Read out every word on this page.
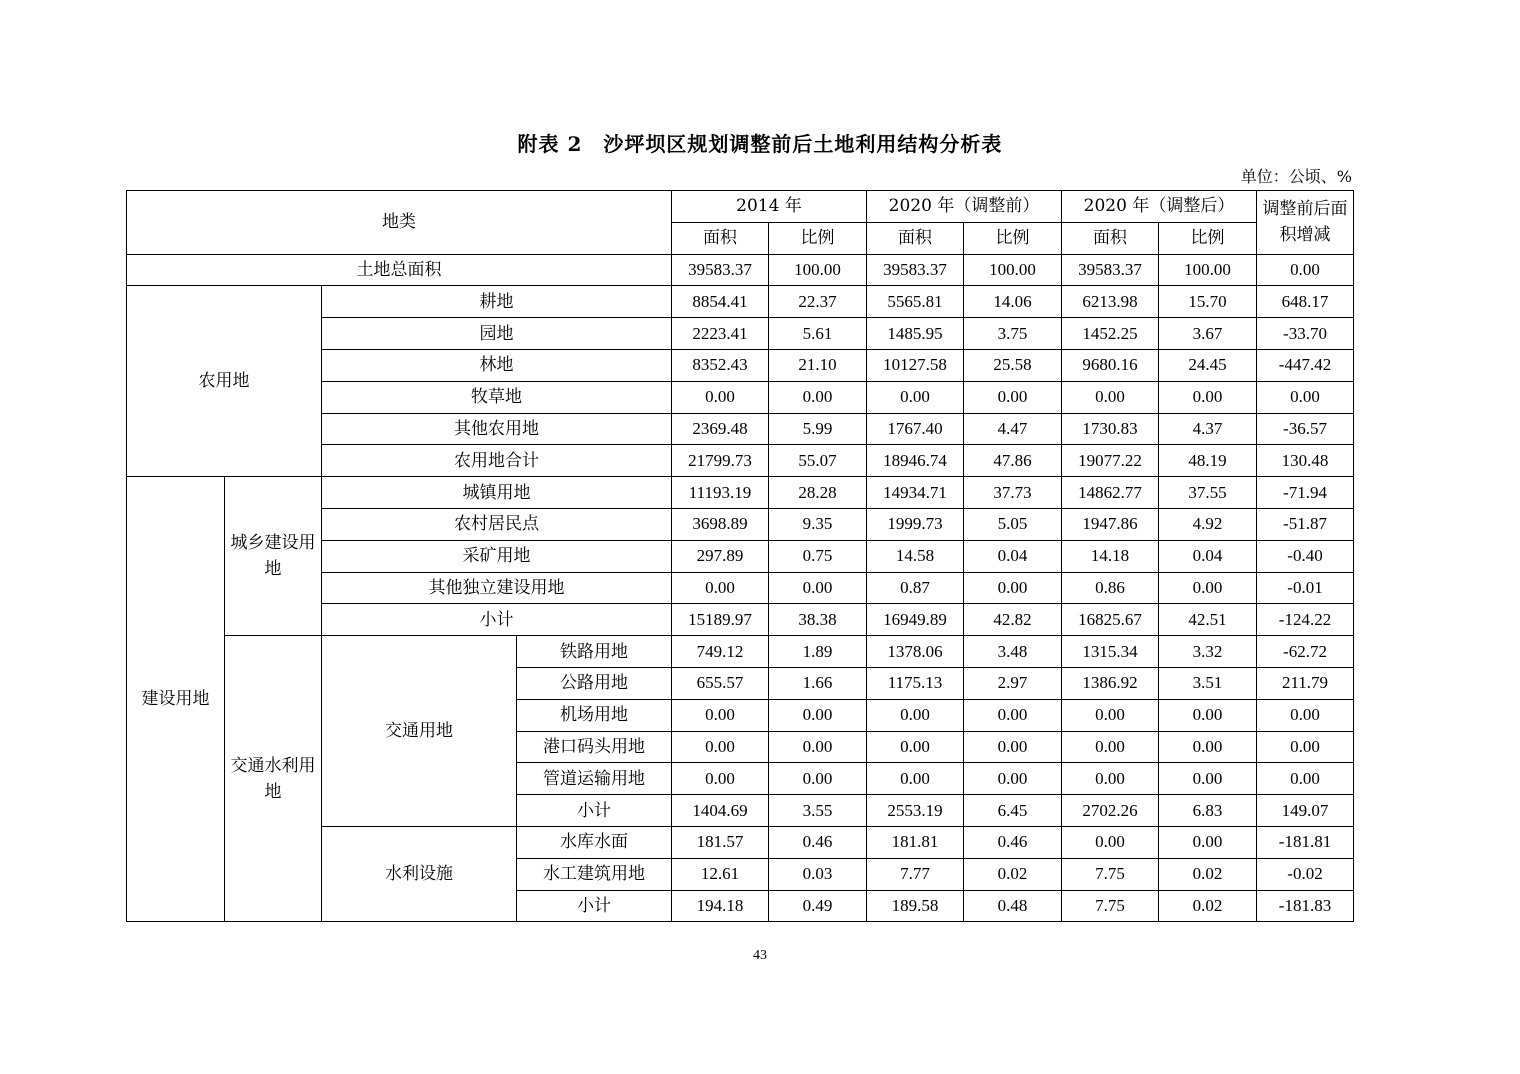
附表 2　沙坪坝区规划调整前后土地利用结构分析表
单位：公顷、%
地类				2014 年		2020 年（调整前）		2020 年（调整后）		调整前后面积增减
				面积	比例	面积	比例	面积	比例	
土地总面积				39583.37	100.00	39583.37	100.00	39583.37	100.00	0.00
农用地		耕地		8854.41	22.37	5565.81	14.06	6213.98	15.70	648.17
		园地		2223.41	5.61	1485.95	3.75	1452.25	3.67	-33.70
		林地		8352.43	21.10	10127.58	25.58	9680.16	24.45	-447.42
		牧草地		0.00	0.00	0.00	0.00	0.00	0.00	0.00
		其他农用地		2369.48	5.99	1767.40	4.47	1730.83	4.37	-36.57
		农用地合计		21799.73	55.07	18946.74	47.86	19077.22	48.19	130.48
建设用地	城乡建设用地	城镇用地		11193.19	28.28	14934.71	37.73	14862.77	37.55	-71.94
		农村居民点		3698.89	9.35	1999.73	5.05	1947.86	4.92	-51.87
		采矿用地		297.89	0.75	14.58	0.04	14.18	0.04	-0.40
		其他独立建设用地		0.00	0.00	0.87	0.00	0.86	0.00	-0.01
		小计		15189.97	38.38	16949.89	42.82	16825.67	42.51	-124.22
	交通水利用地	交通用地	铁路用地	749.12	1.89	1378.06	3.48	1315.34	3.32	-62.72
			公路用地	655.57	1.66	1175.13	2.97	1386.92	3.51	211.79
			机场用地	0.00	0.00	0.00	0.00	0.00	0.00	0.00
			港口码头用地	0.00	0.00	0.00	0.00	0.00	0.00	0.00
			管道运输用地	0.00	0.00	0.00	0.00	0.00	0.00	0.00
			小计	1404.69	3.55	2553.19	6.45	2702.26	6.83	149.07
		水利设施	水库水面	181.57	0.46	181.81	0.46	0.00	0.00	-181.81
			水工建筑用地	12.61	0.03	7.77	0.02	7.75	0.02	-0.02
			小计	194.18	0.49	189.58	0.48	7.75	0.02	-181.83
43
